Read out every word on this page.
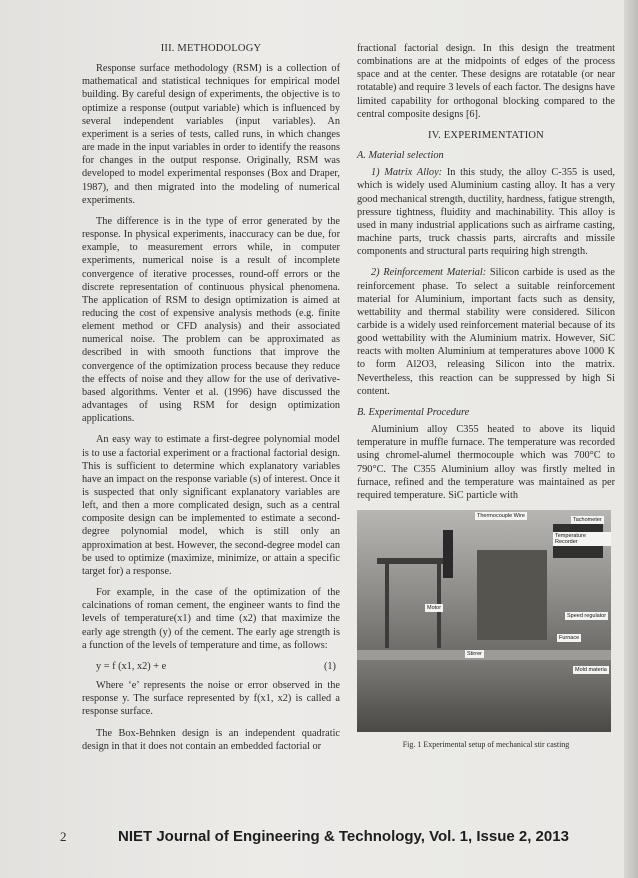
III. METHODOLOGY

Response surface methodology (RSM) is a collection of mathematical and statistical techniques for empirical model building. By careful design of experiments, the objective is to optimize a response (output variable) which is influenced by several independent variables (input variables). An experiment is a series of tests, called runs, in which changes are made in the input variables in order to identify the reasons for changes in the output response. Originally, RSM was developed to model experimental responses (Box and Draper, 1987), and then migrated into the modeling of numerical experiments.

The difference is in the type of error generated by the response. In physical experiments, inaccuracy can be due, for example, to measurement errors while, in computer experiments, numerical noise is a result of incomplete convergence of iterative processes, round-off errors or the discrete representation of continuous physical phenomena. The application of RSM to design optimization is aimed at reducing the cost of expensive analysis methods (e.g. finite element method or CFD analysis) and their associated numerical noise. The problem can be approximated as described in with smooth functions that improve the convergence of the optimization process because they reduce the effects of noise and they allow for the use of derivative-based algorithms. Venter et al. (1996) have discussed the advantages of using RSM for design optimization applications.

An easy way to estimate a first-degree polynomial model is to use a factorial experiment or a fractional factorial design. This is sufficient to determine which explanatory variables have an impact on the response variable (s) of interest. Once it is suspected that only significant explanatory variables are left, and then a more complicated design, such as a central composite design can be implemented to estimate a second-degree polynomial model, which is still only an approximation at best. However, the second-degree model can be used to optimize (maximize, minimize, or attain a specific target for) a response.

For example, in the case of the optimization of the calcinations of roman cement, the engineer wants to find the levels of temperature(x1) and time (x2) that maximize the early age strength (y) of the cement. The early age strength is a function of the levels of temperature and time, as follows:

y = f (x1, x2) + e	(1)

Where ‘e’ represents the noise or error observed in the response y. The surface represented by f(x1, x2) is called a response surface.

The Box-Behnken design is an independent quadratic design in that it does not contain an embedded factorial or

fractional factorial design. In this design the treatment combinations are at the midpoints of edges of the process space and at the center. These designs are rotatable (or near rotatable) and require 3 levels of each factor. The designs have limited capability for orthogonal blocking compared to the central composite designs [6].

IV. EXPERIMENTATION
A. Material selection

1) Matrix Alloy: In this study, the alloy C-355 is used, which is widely used Aluminium casting alloy. It has a very good mechanical strength, ductility, hardness, fatigue strength, pressure tightness, fluidity and machinability. This alloy is used in many industrial applications such as airframe casting, machine parts, truck chassis parts, aircrafts and missile components and structural parts requiring high strength.

2) Reinforcement Material: Silicon carbide is used as the reinforcement phase. To select a suitable reinforcement material for Aluminium, important facts such as density, wettability and thermal stability were considered. Silicon carbide is a widely used reinforcement material because of its good wettability with the Aluminium matrix. However, SiC reacts with molten Aluminium at temperatures above 1000 K to form Al2O3, releasing Silicon into the matrix. Nevertheless, this reaction can be suppressed by high Si content.

B. Experimental Procedure

Aluminium alloy C355 heated to above its liquid temperature in muffle furnace. The temperature was recorded using chromel-alumel thermocouple which was 700°C to 790°C. The C355 Aluminium alloy was firstly melted in furnace, refined and the temperature was maintained as per required temperature. SiC particle with

Thermocouple Wire
Tachometer
Temperature Recorder
Motor
Speed regulator
Furnace
Stirrer
Mold materia
Fig. 1 Experimental setup of mechanical stir casting
2	NIET Journal of Engineering & Technology, Vol. 1, Issue 2, 2013
